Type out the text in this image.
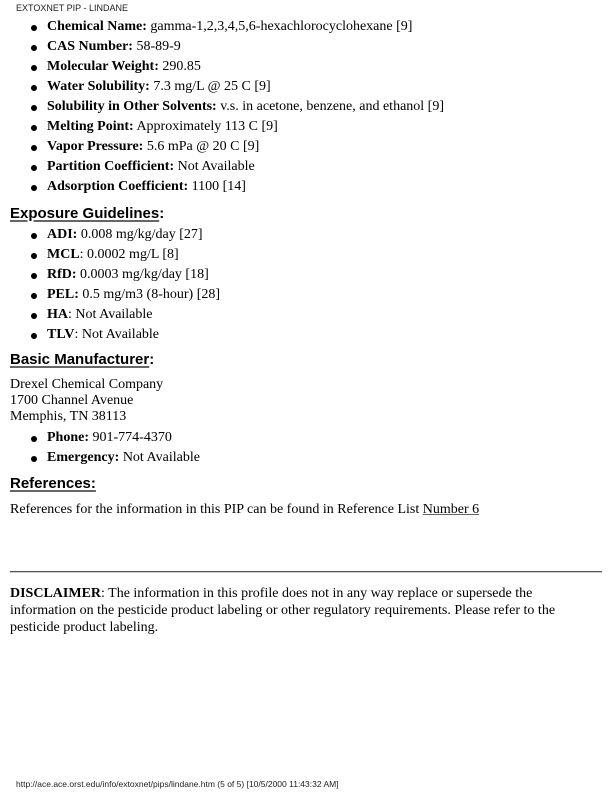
EXTOXNET PIP - LINDANE
Chemical Name: gamma-1,2,3,4,5,6-hexachlorocyclohexane [9]
CAS Number: 58-89-9
Molecular Weight: 290.85
Water Solubility: 7.3 mg/L @ 25 C [9]
Solubility in Other Solvents: v.s. in acetone, benzene, and ethanol [9]
Melting Point: Approximately 113 C [9]
Vapor Pressure: 5.6 mPa @ 20 C [9]
Partition Coefficient: Not Available
Adsorption Coefficient: 1100 [14]
Exposure Guidelines:
ADI: 0.008 mg/kg/day [27]
MCL: 0.0002 mg/L [8]
RfD: 0.0003 mg/kg/day [18]
PEL: 0.5 mg/m3 (8-hour) [28]
HA: Not Available
TLV: Not Available
Basic Manufacturer:
Drexel Chemical Company
1700 Channel Avenue
Memphis, TN 38113
Phone: 901-774-4370
Emergency: Not Available
References:
References for the information in this PIP can be found in Reference List Number 6
DISCLAIMER: The information in this profile does not in any way replace or supersede the information on the pesticide product labeling or other regulatory requirements. Please refer to the pesticide product labeling.
http://ace.ace.orst.edu/info/extoxnet/pips/lindane.htm (5 of 5) [10/5/2000 11:43:32 AM]
